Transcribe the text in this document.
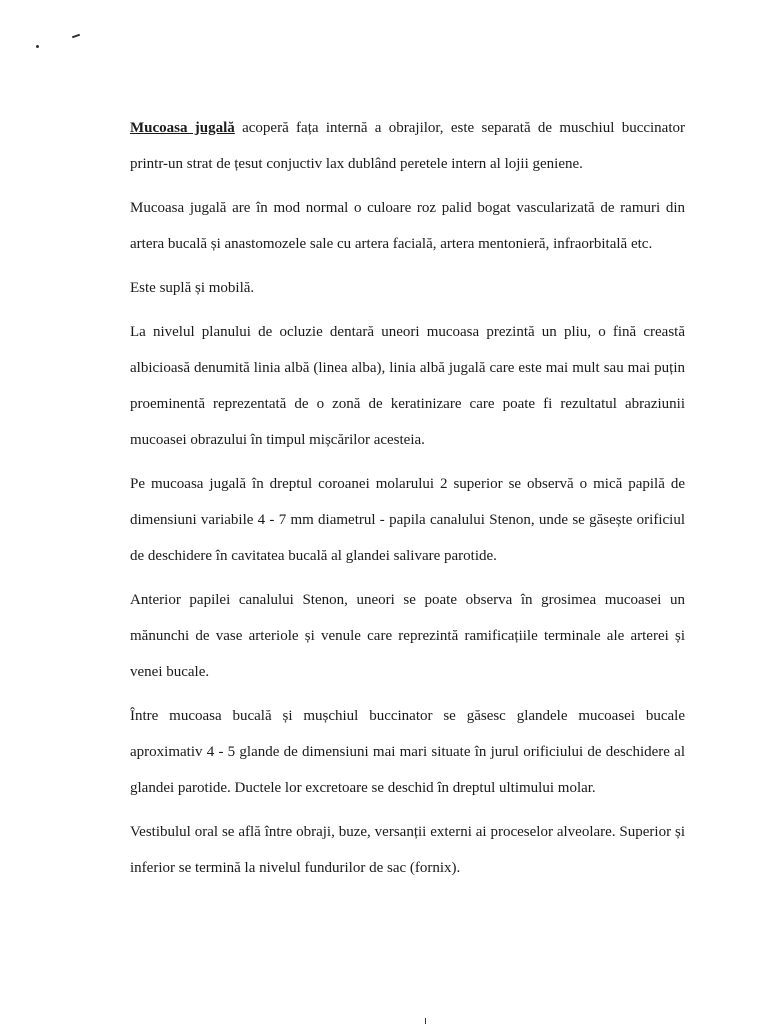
Mucoasa jugală acoperă fața internă a obrajilor, este separată de muschiul buccinator printr-un strat de țesut conjuctiv lax dublând peretele intern al lojii geniene.

Mucoasa jugală are în mod normal o culoare roz palid bogat vascularizată de ramuri din artera bucală și anastomozele sale cu artera facială, artera mentonieră, infraorbitală etc.

Este suplă și mobilă.

La nivelul planului de ocluzie dentară uneori mucoasa prezintă un pliu, o fină creastă albicioasă denumită linia albă (linea alba), linia albă jugală care este mai mult sau mai puțin proeminentă reprezentată de o zonă de keratinizare care poate fi rezultatul abraziunii mucoasei obrazului în timpul mișcărilor acesteia.

Pe mucoasa jugală în dreptul coroanei molarului 2 superior se observă o mică papilă de dimensiuni variabile 4 - 7 mm diametrul - papila canalului Stenon, unde se găsește orificiul de deschidere în cavitatea bucală al glandei salivare parotide.

Anterior papilei canalului Stenon, uneori se poate observa în grosimea mucoasei un mănunchi de vase arteriole și venule care reprezintă ramificațiile terminale ale arterei și venei bucale.

Între mucoasa bucală și mușchiul buccinator se găsesc glandele mucoasei bucale aproximativ 4 - 5 glande de dimensiuni mai mari situate în jurul orificiului de deschidere al glandei parotide. Ductele lor excretoare se deschid în dreptul ultimului molar.

Vestibulul oral se află între obraji, buze, versanții externi ai proceselor alveolare. Superior și inferior se termină la nivelul fundurilor de sac (fornix).
